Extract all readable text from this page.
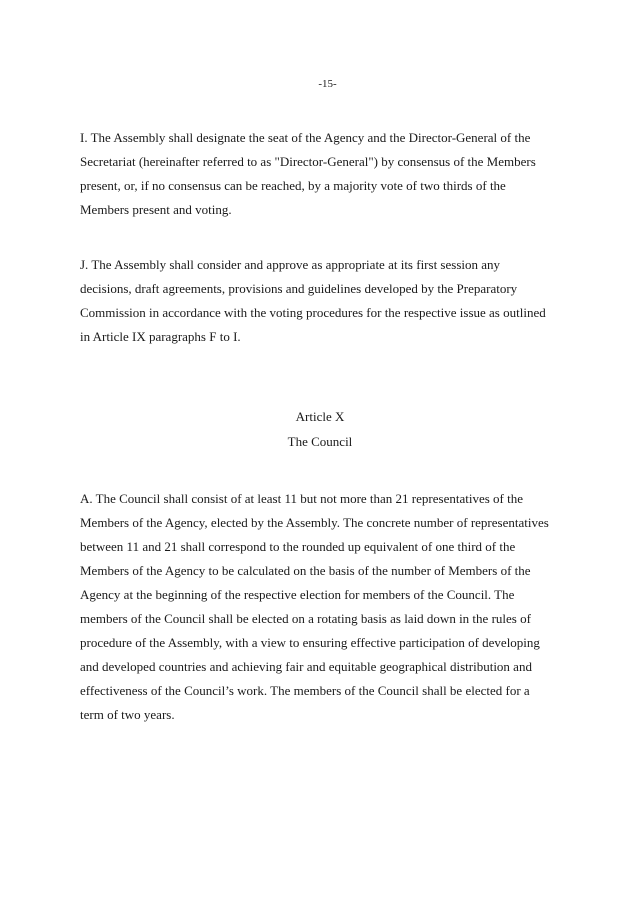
-15-
I. The Assembly shall designate the seat of the Agency and the Director-General of the
Secretariat (hereinafter referred to as "Director-General") by consensus of the Members
present, or, if no consensus can be reached, by a majority vote of two thirds of the
Members present and voting.
J. The Assembly shall consider and approve as appropriate at its first session any
decisions, draft agreements, provisions and guidelines developed by the Preparatory
Commission in accordance with the voting procedures for the respective issue as outlined
in Article IX paragraphs F to I.
Article X
The Council
A. The Council shall consist of at least 11 but not more than 21 representatives of the
Members of the Agency, elected by the Assembly. The concrete number of representatives
between 11 and 21 shall correspond to the rounded up equivalent of one third of the
Members of the Agency to be calculated on the basis of the number of Members of the
Agency at the beginning of the respective election for members of the Council. The
members of the Council shall be elected on a rotating basis as laid down in the rules of
procedure of the Assembly, with a view to ensuring effective participation of developing
and developed countries and achieving fair and equitable geographical distribution and
effectiveness of the Council’s work. The members of the Council shall be elected for a
term of two years.
